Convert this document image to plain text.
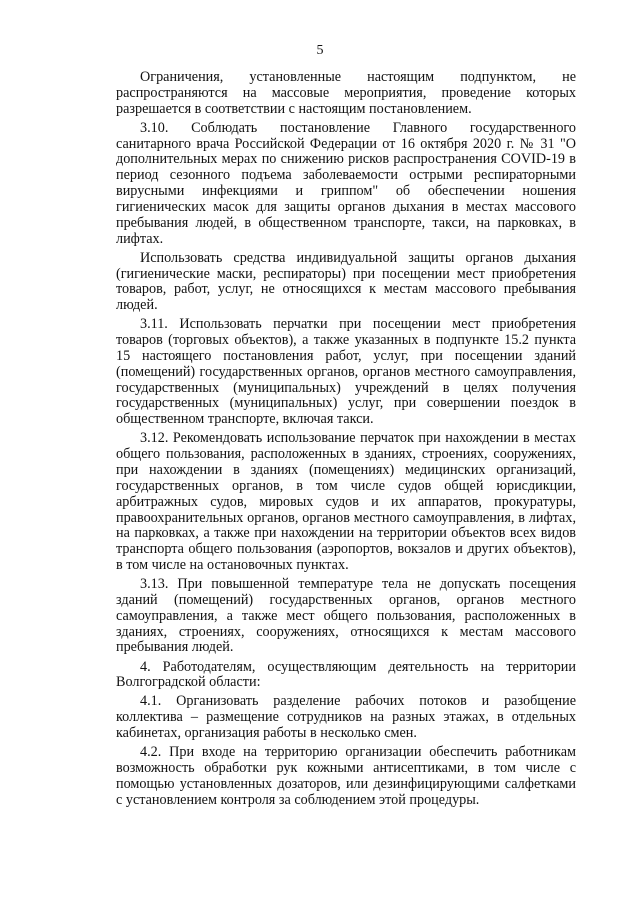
5

Ограничения, установленные настоящим подпунктом, не распространяются на массовые мероприятия, проведение которых разрешается в соответствии с настоящим постановлением.

3.10. Соблюдать постановление Главного государственного санитарного врача Российской Федерации от 16 октября 2020 г. № 31 "О дополнительных мерах по снижению рисков распространения COVID-19 в период сезонного подъема заболеваемости острыми респираторными вирусными инфекциями и гриппом" об обеспечении ношения гигиенических масок для защиты органов дыхания в местах массового пребывания людей, в общественном транспорте, такси, на парковках, в лифтах.

Использовать средства индивидуальной защиты органов дыхания (гигиенические маски, респираторы) при посещении мест приобретения товаров, работ, услуг, не относящихся к местам массового пребывания людей.

3.11. Использовать перчатки при посещении мест приобретения товаров (торговых объектов), а также указанных в подпункте 15.2 пункта 15 настоящего постановления работ, услуг, при посещении зданий (помещений) государственных органов, органов местного самоуправления, государственных (муниципальных) учреждений в целях получения государственных (муниципальных) услуг, при совершении поездок в общественном транспорте, включая такси.

3.12. Рекомендовать использование перчаток при нахождении в местах общего пользования, расположенных в зданиях, строениях, сооружениях, при нахождении в зданиях (помещениях) медицинских организаций, государственных органов, в том числе судов общей юрисдикции, арбитражных судов, мировых судов и их аппаратов, прокуратуры, правоохранительных органов, органов местного самоуправления, в лифтах, на парковках, а также при нахождении на территории объектов всех видов транспорта общего пользования (аэропортов, вокзалов и других объектов), в том числе на остановочных пунктах.

3.13. При повышенной температуре тела не допускать посещения зданий (помещений) государственных органов, органов местного самоуправления, а также мест общего пользования, расположенных в зданиях, строениях, сооружениях, относящихся к местам массового пребывания людей.

4. Работодателям, осуществляющим деятельность на территории Волгоградской области:

4.1. Организовать разделение рабочих потоков и разобщение коллектива – размещение сотрудников на разных этажах, в отдельных кабинетах, организация работы в несколько смен.

4.2. При входе на территорию организации обеспечить работникам возможность обработки рук кожными антисептиками, в том числе с помощью установленных дозаторов, или дезинфицирующими салфетками с установлением контроля за соблюдением этой процедуры.
